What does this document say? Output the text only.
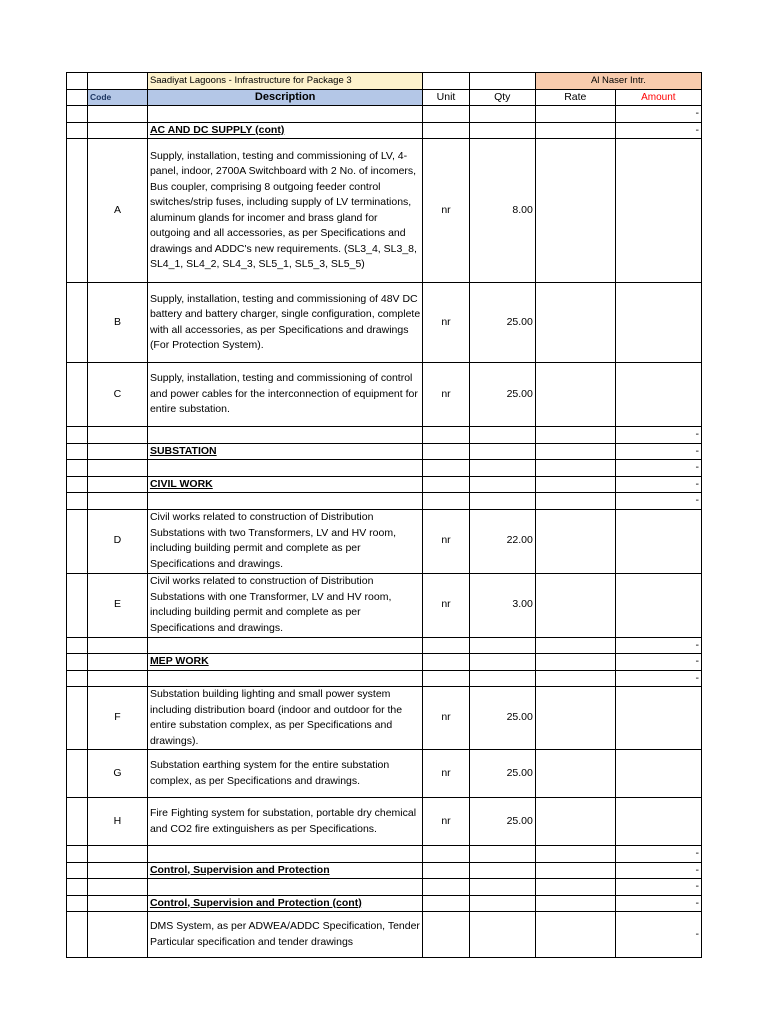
		Saadiyat Lagoons - Infrastructure for Package 3			Al Naser Intr.	
	Code	Description	Unit	Qty	Rate	Amount
						-
		AC AND DC SUPPLY (cont)				-
	A	Supply, installation, testing and commissioning of LV, 4-panel, indoor, 2700A Switchboard with 2 No. of incomers, Bus coupler, comprising 8 outgoing feeder control switches/strip fuses, including supply of LV terminations, aluminum glands for incomer and brass gland for outgoing and all accessories, as per Specifications and drawings and ADDC's new requirements. (SL3_4, SL3_8, SL4_1, SL4_2, SL4_3, SL5_1, SL5_3, SL5_5)	nr	8.00		
	B	Supply, installation, testing and commissioning of 48V DC battery and battery charger, single configuration, complete with all accessories, as per Specifications and drawings (For Protection System).	nr	25.00		
	C	Supply, installation, testing and commissioning of control and power cables for the interconnection of equipment for entire substation.	nr	25.00		
						-
		SUBSTATION				-
						-
		CIVIL WORK				-
						-
	D	Civil works related to construction of Distribution Substations with two Transformers, LV and HV room, including building permit and complete as per Specifications and drawings.	nr	22.00		
	E	Civil works related to construction of Distribution Substations with one Transformer, LV and HV room, including building permit and complete as per Specifications and drawings.	nr	3.00		
						-
		MEP WORK				-
						-
	F	Substation building lighting and small power system including distribution board (indoor and outdoor for the entire substation complex, as per Specifications and drawings).	nr	25.00		
	G	Substation earthing system for the entire substation complex, as per Specifications and drawings.	nr	25.00		
	H	Fire Fighting system for substation, portable dry chemical and CO2 fire extinguishers as per Specifications.	nr	25.00		
						-
		Control, Supervision and Protection				-
						-
		Control, Supervision and Protection (cont)				-
		DMS System, as per ADWEA/ADDC Specification, Tender Particular specification and tender drawings				-
